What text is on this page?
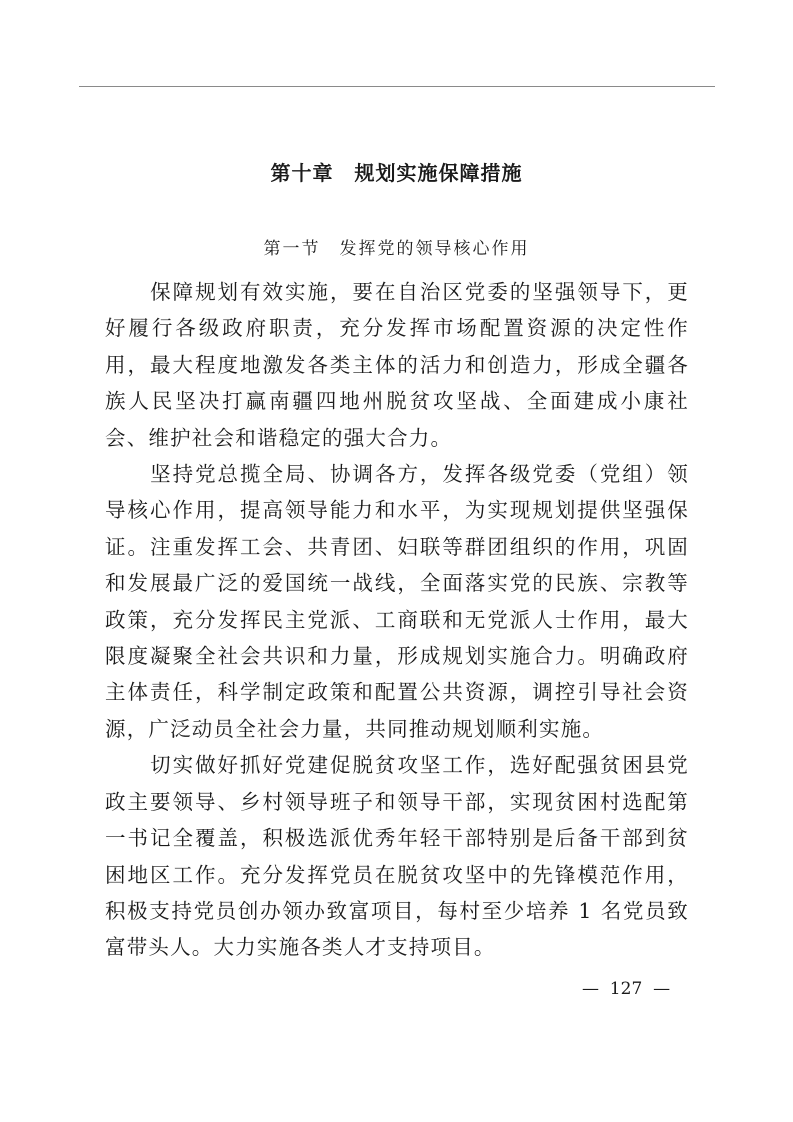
第十章　规划实施保障措施
第一节　发挥党的领导核心作用

保障规划有效实施，要在自治区党委的坚强领导下，更好履行各级政府职责，充分发挥市场配置资源的决定性作用，最大程度地激发各类主体的活力和创造力，形成全疆各族人民坚决打赢南疆四地州脱贫攻坚战、全面建成小康社会、维护社会和谐稳定的强大合力。

坚持党总揽全局、协调各方，发挥各级党委（党组）领导核心作用，提高领导能力和水平，为实现规划提供坚强保证。注重发挥工会、共青团、妇联等群团组织的作用，巩固和发展最广泛的爱国统一战线，全面落实党的民族、宗教等政策，充分发挥民主党派、工商联和无党派人士作用，最大限度凝聚全社会共识和力量，形成规划实施合力。明确政府主体责任，科学制定政策和配置公共资源，调控引导社会资源，广泛动员全社会力量，共同推动规划顺利实施。

切实做好抓好党建促脱贫攻坚工作，选好配强贫困县党政主要领导、乡村领导班子和领导干部，实现贫困村选配第一书记全覆盖，积极选派优秀年轻干部特别是后备干部到贫困地区工作。充分发挥党员在脱贫攻坚中的先锋模范作用，积极支持党员创办领办致富项目，每村至少培养 1 名党员致富带头人。大力实施各类人才支持项目。

—  127  —
